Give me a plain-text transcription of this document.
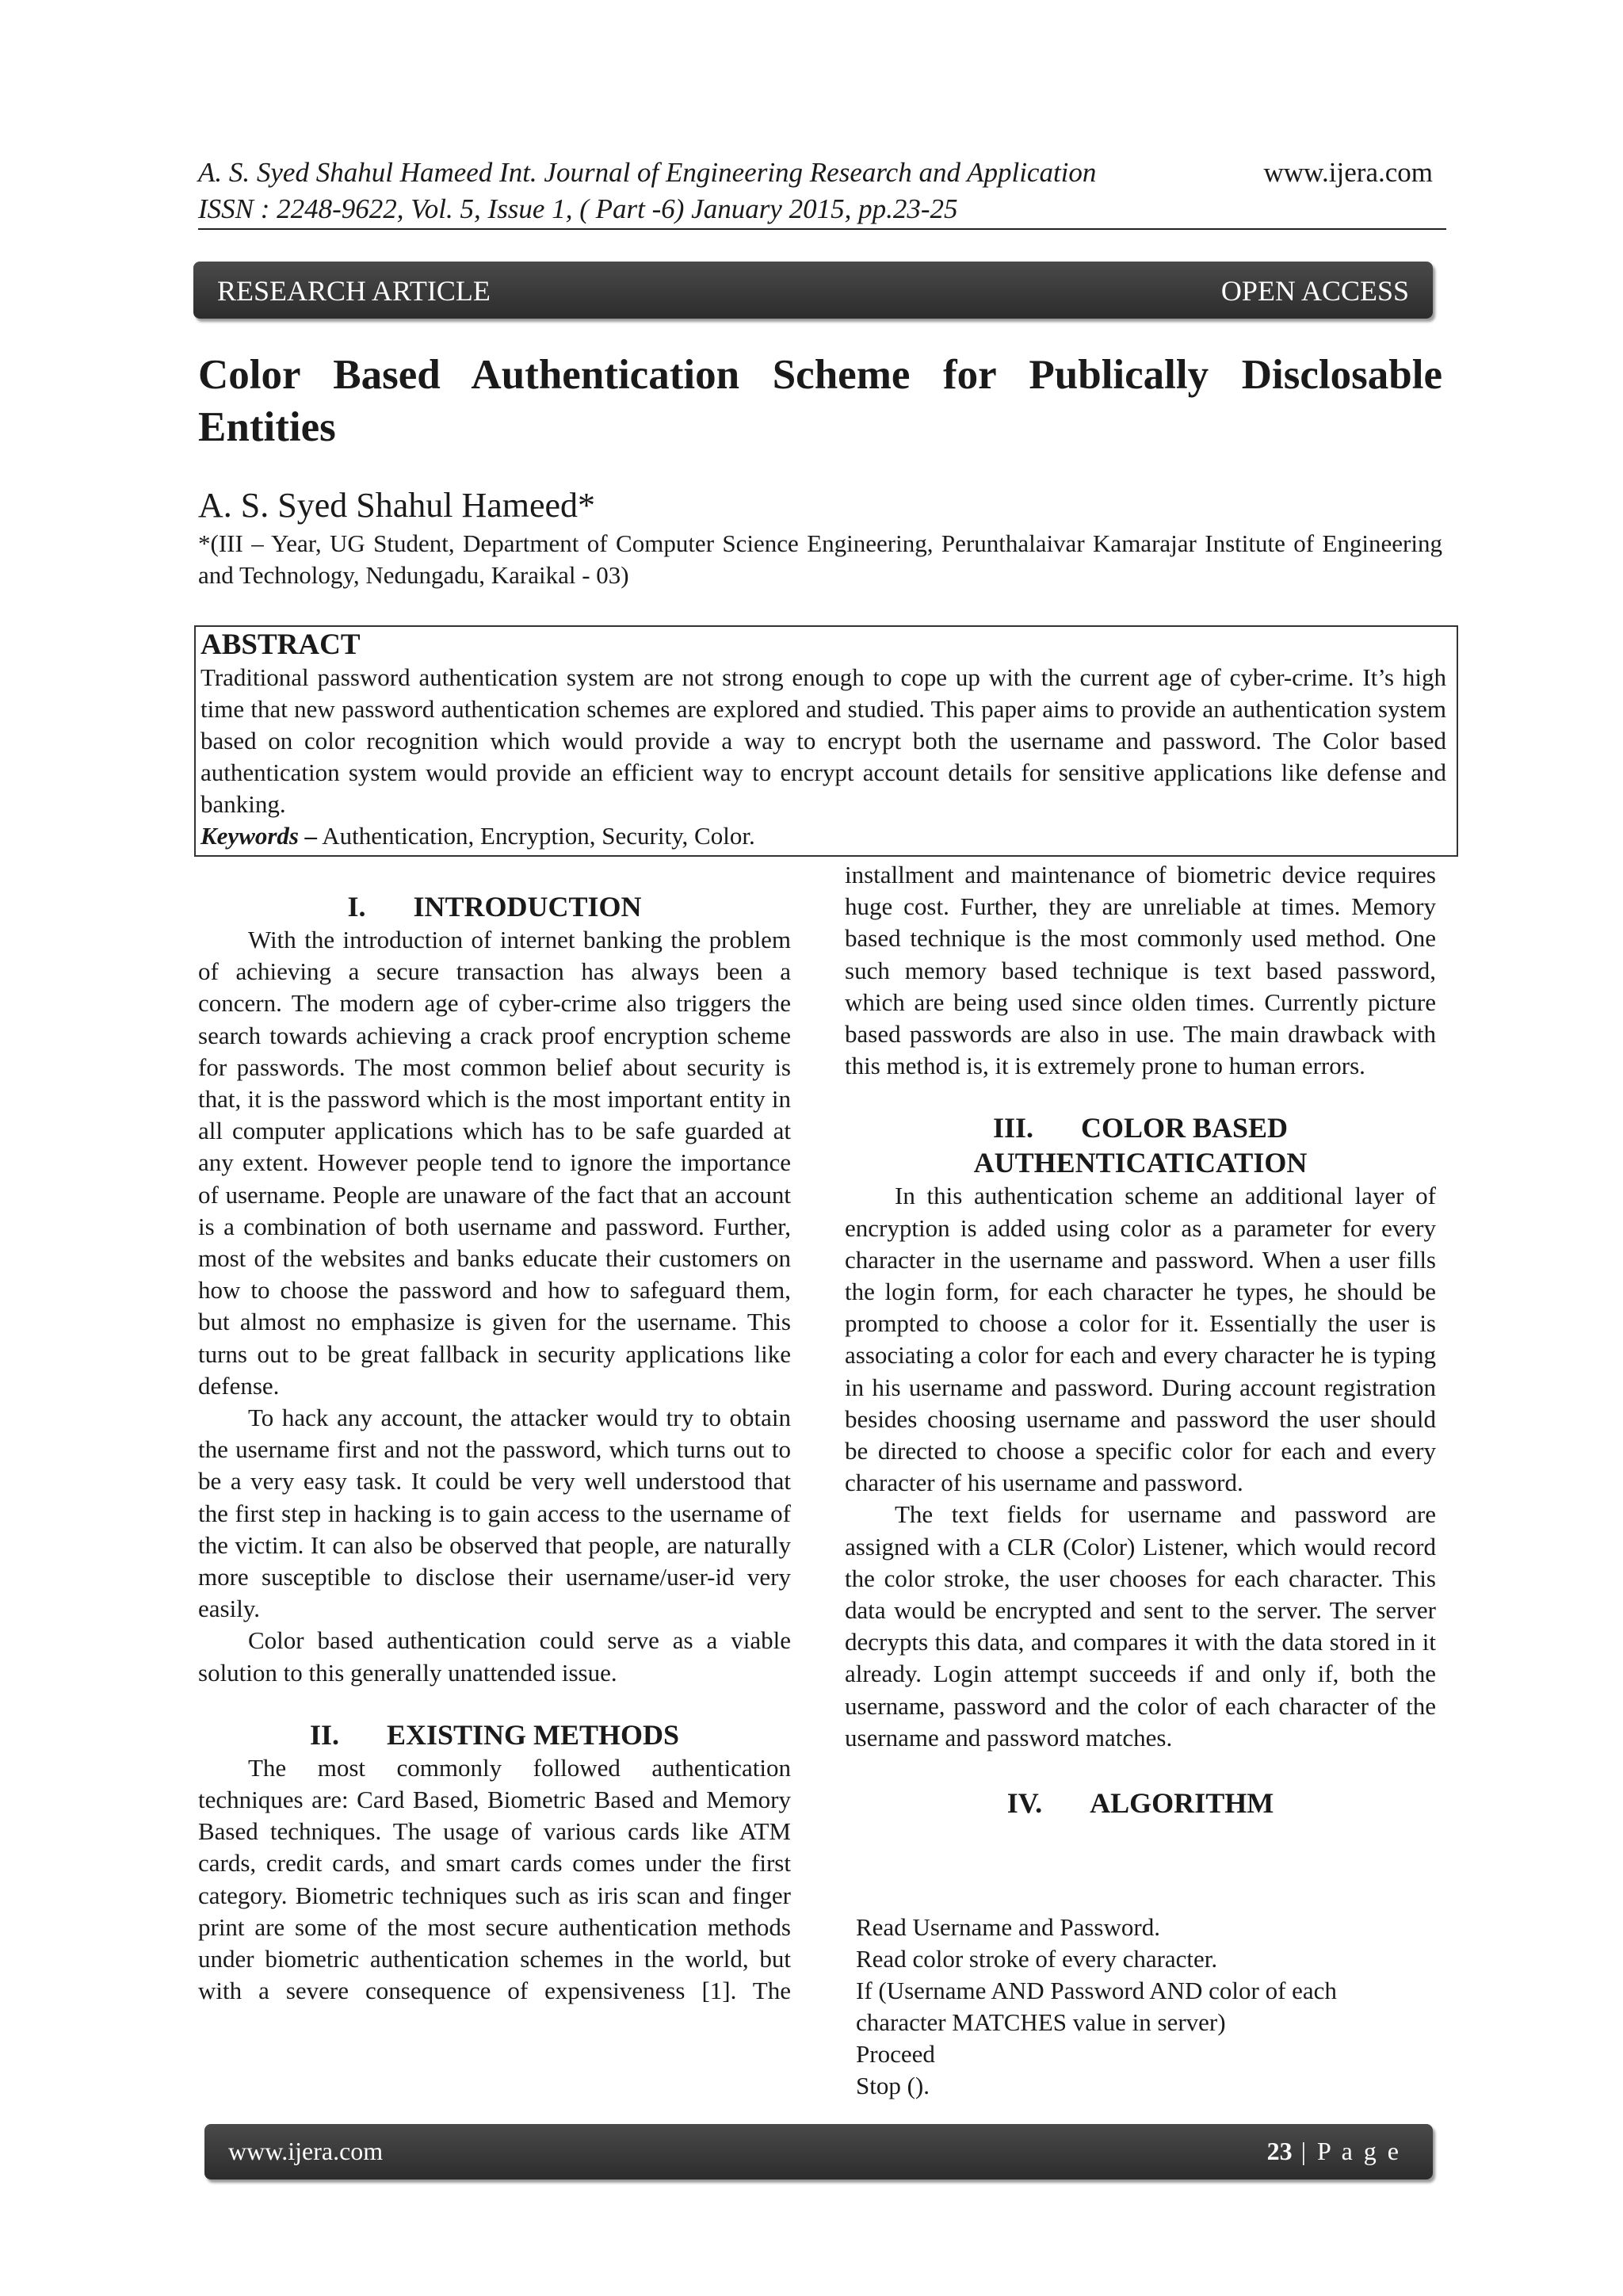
A. S. Syed Shahul Hameed Int. Journal of Engineering Research and Application
ISSN : 2248-9622, Vol. 5, Issue 1, ( Part -6) January 2015, pp.23-25
www.ijera.com
RESEARCH ARTICLE	OPEN ACCESS
Color Based Authentication Scheme for Publically Disclosable
Entities
A. S. Syed Shahul Hameed*
*(III – Year, UG Student, Department of Computer Science Engineering, Perunthalaivar Kamarajar Institute of Engineering and Technology, Nedungadu, Karaikal - 03)
ABSTRACT
Traditional password authentication system are not strong enough to cope up with the current age of cyber-crime. It’s high time that new password authentication schemes are explored and studied. This paper aims to provide an authentication system based on color recognition which would provide a way to encrypt both the username and password. The Color based authentication system would provide an efficient way to encrypt account details for sensitive applications like defense and banking.
Keywords – Authentication, Encryption, Security, Color.
I. INTRODUCTION

With the introduction of internet banking the problem of achieving a secure transaction has always been a concern. The modern age of cyber-crime also triggers the search towards achieving a crack proof encryption scheme for passwords. The most common belief about security is that, it is the password which is the most important entity in all computer applications which has to be safe guarded at any extent. However people tend to ignore the importance of username. People are unaware of the fact that an account is a combination of both username and password. Further, most of the websites and banks educate their customers on how to choose the password and how to safeguard them, but almost no emphasize is given for the username. This turns out to be great fallback in security applications like defense.

To hack any account, the attacker would try to obtain the username first and not the password, which turns out to be a very easy task. It could be very well understood that the first step in hacking is to gain access to the username of the victim. It can also be observed that people, are naturally more susceptible to disclose their username/user-id very easily.

Color based authentication could serve as a viable solution to this generally unattended issue.

II. EXISTING METHODS

The most commonly followed authentication techniques are: Card Based, Biometric Based and Memory Based techniques. The usage of various cards like ATM cards, credit cards, and smart cards comes under the first category. Biometric techniques such as iris scan and finger print are some of the most secure authentication methods under biometric authentication schemes in the world, but with a severe consequence of expensiveness [1]. The

installment and maintenance of biometric device requires huge cost. Further, they are unreliable at times. Memory based technique is the most commonly used method. One such memory based technique is text based password, which are being used since olden times. Currently picture based passwords are also in use. The main drawback with this method is, it is extremely prone to human errors.

III. COLOR BASED
AUTHENTICATICATION

In this authentication scheme an additional layer of encryption is added using color as a parameter for every character in the username and password. When a user fills the login form, for each character he types, he should be prompted to choose a color for it. Essentially the user is associating a color for each and every character he is typing in his username and password. During account registration besides choosing username and password the user should be directed to choose a specific color for each and every character of his username and password.

The text fields for username and password are assigned with a CLR (Color) Listener, which would record the color stroke, the user chooses for each character. This data would be encrypted and sent to the server. The server decrypts this data, and compares it with the data stored in it already. Login attempt succeeds if and only if, both the username, password and the color of each character of the username and password matches.

IV. ALGORITHM
Read Username and Password.
Read color stroke of every character.
If (Username AND Password AND color of each
character MATCHES value in server)
Proceed
Stop ().
www.ijera.com	23 | P a g e
